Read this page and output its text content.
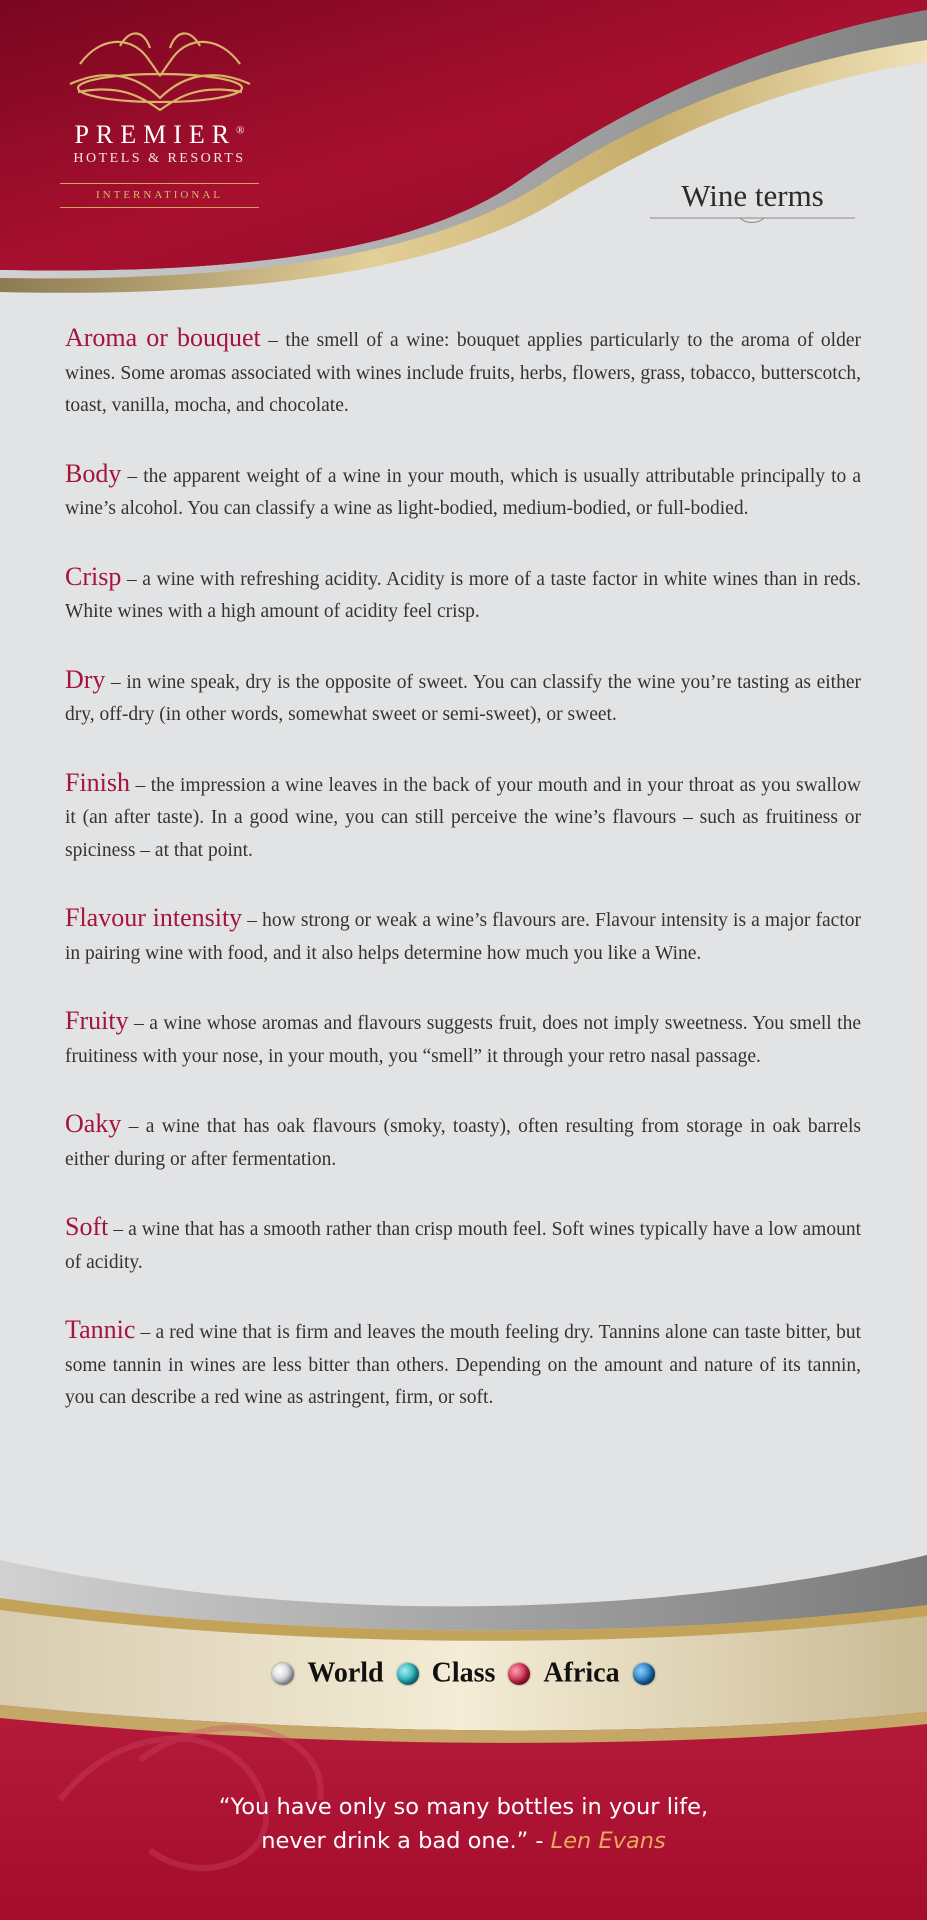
PREMIER®
HOTELS & RESORTS
INTERNATIONAL	Wine terms

Aroma or bouquet – the smell of a wine: bouquet applies particularly to the aroma of older wines. Some aromas associated with wines include fruits, herbs, flowers, grass, tobacco, butterscotch, toast, vanilla, mocha, and chocolate.

Body – the apparent weight of a wine in your mouth, which is usually attributable principally to a wine’s alcohol. You can classify a wine as light-bodied, medium-bodied, or full-bodied.

Crisp – a wine with refreshing acidity. Acidity is more of a taste factor in white wines than in reds. White wines with a high amount of acidity feel crisp.

Dry – in wine speak, dry is the opposite of sweet. You can classify the wine you’re tasting as either dry, off-dry (in other words, somewhat sweet or semi-sweet), or sweet.

Finish – the impression a wine leaves in the back of your mouth and in your throat as you swallow it (an after taste). In a good wine, you can still perceive the wine’s flavours – such as fruitiness or spiciness – at that point.

Flavour intensity – how strong or weak a wine’s flavours are. Flavour intensity is a major factor in pairing wine with food, and it also helps determine how much you like a Wine.

Fruity – a wine whose aromas and flavours suggests fruit, does not imply sweetness. You smell the fruitiness with your nose, in your mouth, you “smell” it through your retro nasal passage.

Oaky – a wine that has oak flavours (smoky, toasty), often resulting from storage in oak barrels either during or after fermentation.

Soft – a wine that has a smooth rather than crisp mouth feel. Soft wines typically have a low amount of acidity.

Tannic – a red wine that is firm and leaves the mouth feeling dry. Tannins alone can taste bitter, but some tannin in wines are less bitter than others. Depending on the amount and nature of its tannin, you can describe a red wine as astringent, firm, or soft.

World Class Africa
“You have only so many bottles in your life,
never drink a bad one.” - Len Evans
